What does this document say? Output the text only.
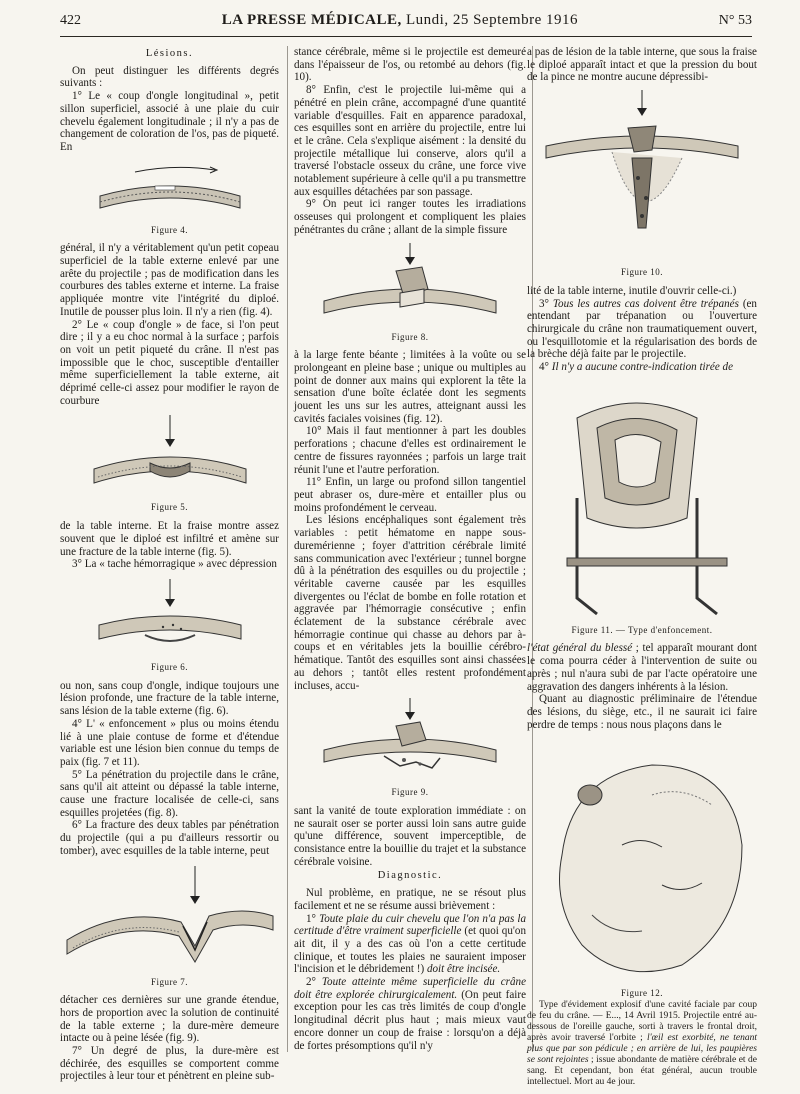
422	LA PRESSE MÉDICALE, Lundi, 25 Septembre 1916	N° 53

Lésions.

On peut distinguer les différents degrés suivants :

1° Le « coup d'ongle longitudinal », petit sillon superficiel, associé à une plaie du cuir chevelu également longitudinale ; il n'y a pas de changement de coloration de l'os, pas de piqueté. En

Figure 4.

général, il n'y a véritablement qu'un petit copeau superficiel de la table externe enlevé par une arête du projectile ; pas de modification dans les courbures des tables externe et interne. La fraise appliquée montre vite l'intégrité du diploé. Inutile de pousser plus loin. Il n'y a rien (fig. 4).

2° Le « coup d'ongle » de face, si l'on peut dire ; il y a eu choc normal à la surface ; parfois on voit un petit piqueté du crâne. Il n'est pas impossible que le choc, susceptible d'entailler même superficiellement la table externe, ait déprimé celle-ci assez pour modifier le rayon de courbure

Figure 5.

de la table interne. Et la fraise montre assez souvent que le diploé est infiltré et amène sur une fracture de la table interne (fig. 5).

3° La « tache hémorragique » avec dépression

Figure 6.

ou non, sans coup d'ongle, indique toujours une lésion profonde, une fracture de la table interne, sans lésion de la table externe (fig. 6).

4° L' « enfoncement » plus ou moins étendu lié à une plaie contuse de forme et d'étendue variable est une lésion bien connue du temps de paix (fig. 7 et 11).

5° La pénétration du projectile dans le crâne, sans qu'il ait atteint ou dépassé la table interne, cause une fracture localisée de celle-ci, sans esquilles projetées (fig. 8).

6° La fracture des deux tables par pénétration du projectile (qui a pu d'ailleurs ressortir ou tomber), avec esquilles de la table interne, peut

Figure 7.

détacher ces dernières sur une grande étendue, hors de proportion avec la solution de continuité de la table externe ; la dure-mère demeure intacte ou à peine lésée (fig. 9).

7° Un degré de plus, la dure-mère est déchirée, des esquilles se comportent comme projectiles à leur tour et pénètrent en pleine sub-

stance cérébrale, même si le projectile est demeuré dans l'épaisseur de l'os, ou retombé au dehors (fig. 10).

8° Enfin, c'est le projectile lui-même qui a pénétré en plein crâne, accompagné d'une quantité variable d'esquilles. Fait en apparence paradoxal, ces esquilles sont en arrière du projectile, entre lui et le crâne. Cela s'explique aisément : la densité du projectile métallique lui conserve, alors qu'il a traversé l'obstacle osseux du crâne, une force vive notablement supérieure à celle qu'il a pu transmettre aux esquilles détachées par son passage.

9° On peut ici ranger toutes les irradiations osseuses qui prolongent et compliquent les plaies pénétrantes du crâne ; allant de la simple fissure

Figure 8.

à la large fente béante ; limitées à la voûte ou se prolongeant en pleine base ; unique ou multiples au point de donner aux mains qui explorent la tête la sensation d'une boîte éclatée dont les segments jouent les uns sur les autres, atteignant aussi les cavités faciales voisines (fig. 12).

10° Mais il faut mentionner à part les doubles perforations ; chacune d'elles est ordinairement le centre de fissures rayonnées ; parfois un large trait réunit l'une et l'autre perforation.

11° Enfin, un large ou profond sillon tangentiel peut abraser os, dure-mère et entailler plus ou moins profondément le cerveau.

Les lésions encéphaliques sont également très variables : petit hématome en nappe sous-duremérienne ; foyer d'attrition cérébrale limité sans communication avec l'extérieur ; tunnel borgne dû à la pénétration des esquilles ou du projectile ; véritable caverne causée par les esquilles divergentes ou l'éclat de bombe en folle rotation et aggravée par l'hémorragie consécutive ; enfin éclatement de la substance cérébrale avec hémorragie continue qui chasse au dehors par à-coups et en véritables jets la bouillie cérébro-hématique. Tantôt des esquilles sont ainsi chassées au dehors ; tantôt elles restent profondément incluses, accu-

Figure 9.

sant la vanité de toute exploration immédiate : on ne saurait oser se porter aussi loin sans autre guide qu'une différence, souvent imperceptible, de consistance entre la bouillie du trajet et la substance cérébrale voisine.

Diagnostic.

Nul problème, en pratique, ne se résout plus facilement et ne se résume aussi brièvement :

1° Toute plaie du cuir chevelu que l'on n'a pas la certitude d'être vraiment superficielle (et quoi qu'on ait dit, il y a des cas où l'on a cette certitude clinique, et toutes les plaies ne sauraient imposer l'incision et le débridement !) doit être incisée.

2° Toute atteinte même superficielle du crâne doit être explorée chirurgicalement. (On peut faire exception pour les cas très limités de coup d'ongle longitudinal décrit plus haut ; mais mieux vaut encore donner un coup de fraise : lorsqu'on a déjà de fortes présomptions qu'il n'y

a pas de lésion de la table interne, que sous la fraise le diploé apparaît intact et que la pression du bout de la pince ne montre aucune dépressibi-

Figure 10.

lité de la table interne, inutile d'ouvrir celle-ci.)

3° Tous les autres cas doivent être trépanés (en entendant par trépanation ou l'ouverture chirurgicale du crâne non traumatiquement ouvert, ou l'esquillotomie et la régularisation des bords de la brèche déjà faite par le projectile.

4° Il n'y a aucune contre-indication tirée de

Figure 11. — Type d'enfoncement.

l'état général du blessé ; tel apparaît mourant dont le coma pourra céder à l'intervention de suite ou après ; nul n'aura subi de par l'acte opératoire une aggravation des dangers inhérents à la lésion.

Quant au diagnostic préliminaire de l'étendue des lésions, du siège, etc., il ne saurait ici faire perdre de temps : nous nous plaçons dans le

Figure 12.

Type d'évidement explosif d'une cavité faciale par coup de feu du crâne. — E..., 14 Avril 1915. Projectile entré au-dessous de l'oreille gauche, sorti à travers le frontal droit, après avoir traversé l'orbite ; l'œil est exorbité, ne tenant plus que par son pédicule ; en arrière de lui, les paupières se sont rejointes ; issue abondante de matière cérébrale et de sang. Et cependant, bon état général, aucun trouble intellectuel. Mort au 4e jour.
